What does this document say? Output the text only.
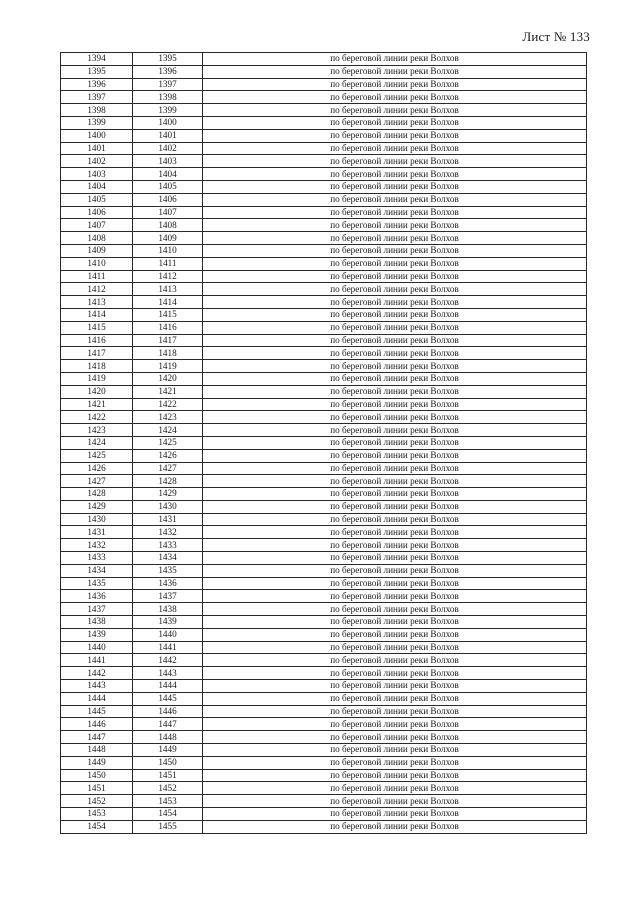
Лист № 133
1394	1395	по береговой линии реки Волхов
1395	1396	по береговой линии реки Волхов
1396	1397	по береговой линии реки Волхов
1397	1398	по береговой линии реки Волхов
1398	1399	по береговой линии реки Волхов
1399	1400	по береговой линии реки Волхов
1400	1401	по береговой линии реки Волхов
1401	1402	по береговой линии реки Волхов
1402	1403	по береговой линии реки Волхов
1403	1404	по береговой линии реки Волхов
1404	1405	по береговой линии реки Волхов
1405	1406	по береговой линии реки Волхов
1406	1407	по береговой линии реки Волхов
1407	1408	по береговой линии реки Волхов
1408	1409	по береговой линии реки Волхов
1409	1410	по береговой линии реки Волхов
1410	1411	по береговой линии реки Волхов
1411	1412	по береговой линии реки Волхов
1412	1413	по береговой линии реки Волхов
1413	1414	по береговой линии реки Волхов
1414	1415	по береговой линии реки Волхов
1415	1416	по береговой линии реки Волхов
1416	1417	по береговой линии реки Волхов
1417	1418	по береговой линии реки Волхов
1418	1419	по береговой линии реки Волхов
1419	1420	по береговой линии реки Волхов
1420	1421	по береговой линии реки Волхов
1421	1422	по береговой линии реки Волхов
1422	1423	по береговой линии реки Волхов
1423	1424	по береговой линии реки Волхов
1424	1425	по береговой линии реки Волхов
1425	1426	по береговой линии реки Волхов
1426	1427	по береговой линии реки Волхов
1427	1428	по береговой линии реки Волхов
1428	1429	по береговой линии реки Волхов
1429	1430	по береговой линии реки Волхов
1430	1431	по береговой линии реки Волхов
1431	1432	по береговой линии реки Волхов
1432	1433	по береговой линии реки Волхов
1433	1434	по береговой линии реки Волхов
1434	1435	по береговой линии реки Волхов
1435	1436	по береговой линии реки Волхов
1436	1437	по береговой линии реки Волхов
1437	1438	по береговой линии реки Волхов
1438	1439	по береговой линии реки Волхов
1439	1440	по береговой линии реки Волхов
1440	1441	по береговой линии реки Волхов
1441	1442	по береговой линии реки Волхов
1442	1443	по береговой линии реки Волхов
1443	1444	по береговой линии реки Волхов
1444	1445	по береговой линии реки Волхов
1445	1446	по береговой линии реки Волхов
1446	1447	по береговой линии реки Волхов
1447	1448	по береговой линии реки Волхов
1448	1449	по береговой линии реки Волхов
1449	1450	по береговой линии реки Волхов
1450	1451	по береговой линии реки Волхов
1451	1452	по береговой линии реки Волхов
1452	1453	по береговой линии реки Волхов
1453	1454	по береговой линии реки Волхов
1454	1455	по береговой линии реки Волхов
